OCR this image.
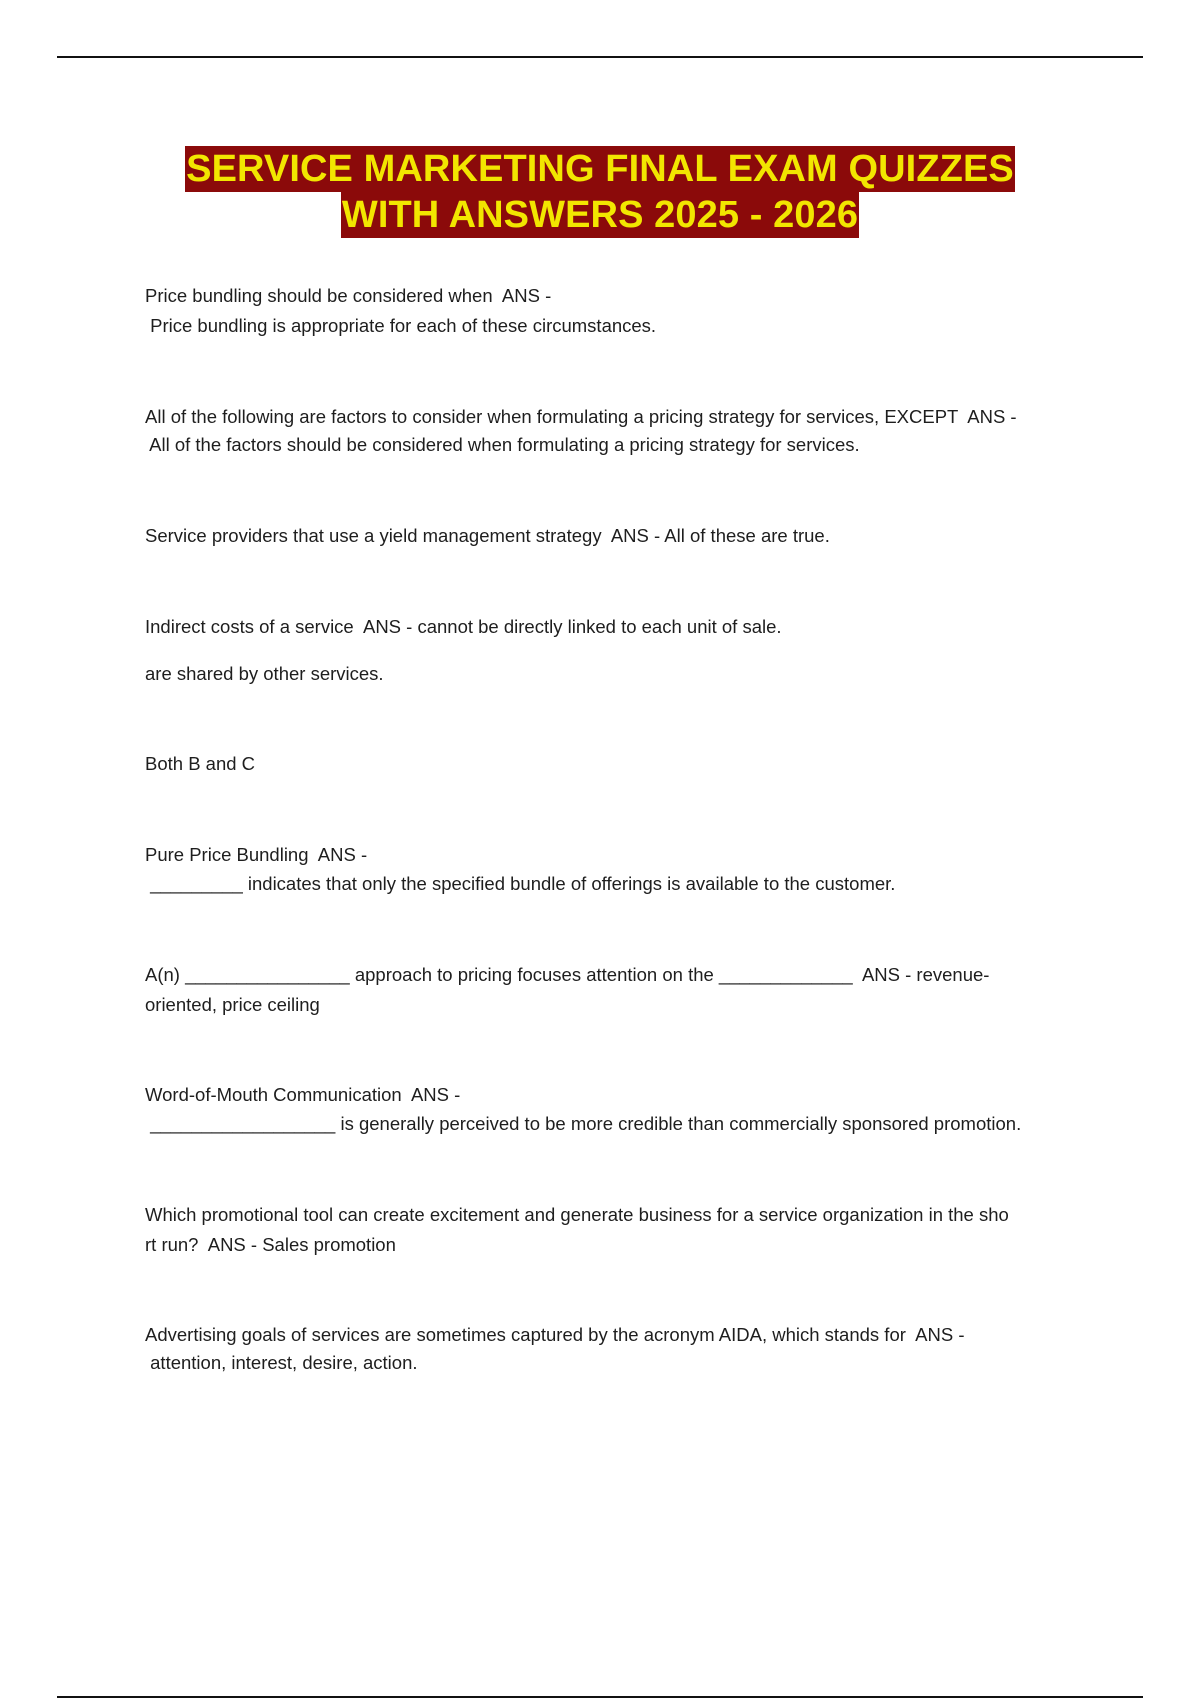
SERVICE MARKETING FINAL EXAM QUIZZES
WITH ANSWERS 2025 - 2026
Price bundling should be considered when  ANS -
Price bundling is appropriate for each of these circumstances.
All of the following are factors to consider when formulating a pricing strategy for services, EXCEPT  ANS -
All of the factors should be considered when formulating a pricing strategy for services.
Service providers that use a yield management strategy  ANS - All of these are true.
Indirect costs of a service  ANS - cannot be directly linked to each unit of sale.
are shared by other services.
Both B and C
Pure Price Bundling  ANS -
_________ indicates that only the specified bundle of offerings is available to the customer.
A(n) ________________ approach to pricing focuses attention on the _____________  ANS - revenue-
oriented, price ceiling
Word-of-Mouth Communication  ANS -
__________________ is generally perceived to be more credible than commercially sponsored promotion.
Which promotional tool can create excitement and generate business for a service organization in the sho
rt run?  ANS - Sales promotion
Advertising goals of services are sometimes captured by the acronym AIDA, which stands for  ANS -
attention, interest, desire, action.
